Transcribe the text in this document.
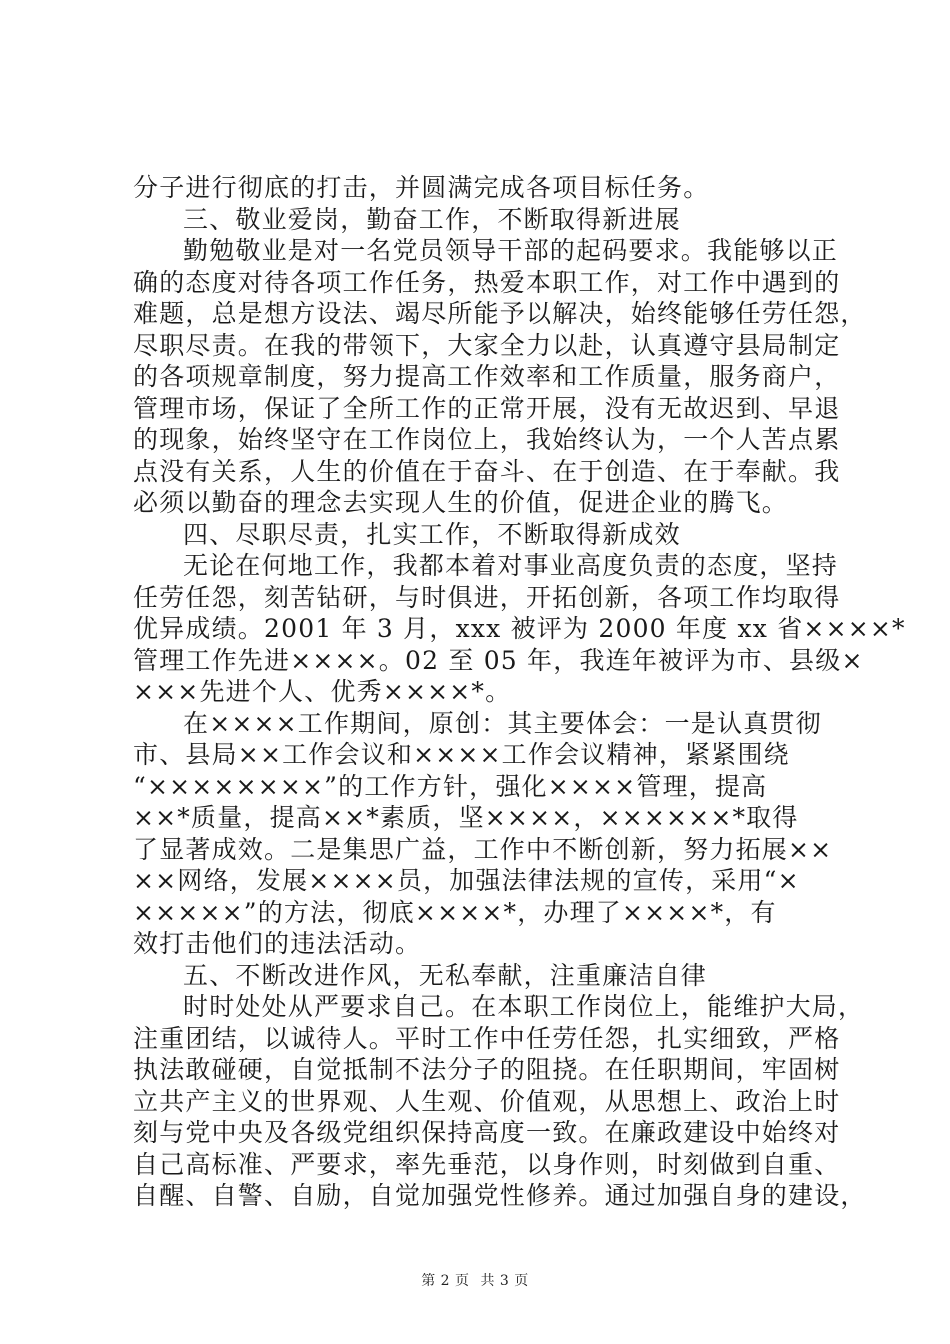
分子进行彻底的打击，并圆满完成各项目标任务。
三、敬业爱岗，勤奋工作，不断取得新进展
勤勉敬业是对一名党员领导干部的起码要求。我能够以正
确的态度对待各项工作任务，热爱本职工作，对工作中遇到的
难题，总是想方设法、竭尽所能予以解决，始终能够任劳任怨，
尽职尽责。在我的带领下，大家全力以赴，认真遵守县局制定
的各项规章制度，努力提高工作效率和工作质量，服务商户，
管理市场，保证了全所工作的正常开展，没有无故迟到、早退
的现象，始终坚守在工作岗位上，我始终认为，一个人苦点累
点没有关系，人生的价值在于奋斗、在于创造、在于奉献。我
必须以勤奋的理念去实现人生的价值，促进企业的腾飞。
四、尽职尽责，扎实工作，不断取得新成效
无论在何地工作，我都本着对事业高度负责的态度，坚持
任劳任怨，刻苦钻研，与时俱进，开拓创新，各项工作均取得
优异成绩。2001 年 3 月，xxx 被评为 2000 年度 xx 省××××*
管理工作先进××××。02 至 05 年，我连年被评为市、县级×
×××先进个人、优秀××××*。
在××××工作期间，原创：其主要体会：一是认真贯彻
市、县局××工作会议和××××工作会议精神，紧紧围绕
“××××××××”的工作方针，强化××××管理，提高
××*质量，提高××*素质，坚××××，××××××*取得
了显著成效。二是集思广益，工作中不断创新，努力拓展××
××网络，发展××××员，加强法律法规的宣传，采用“×
×××××”的方法，彻底××××*，办理了××××*，有
效打击他们的违法活动。
五、不断改进作风，无私奉献，注重廉洁自律
时时处处从严要求自己。在本职工作岗位上，能维护大局，
注重团结，以诚待人。平时工作中任劳任怨，扎实细致，严格
执法敢碰硬，自觉抵制不法分子的阻挠。在任职期间，牢固树
立共产主义的世界观、人生观、价值观，从思想上、政治上时
刻与党中央及各级党组织保持高度一致。在廉政建设中始终对
自己高标准、严要求，率先垂范，以身作则，时刻做到自重、
自醒、自警、自励，自觉加强党性修养。通过加强自身的建设，
第 2 页 共 3 页
